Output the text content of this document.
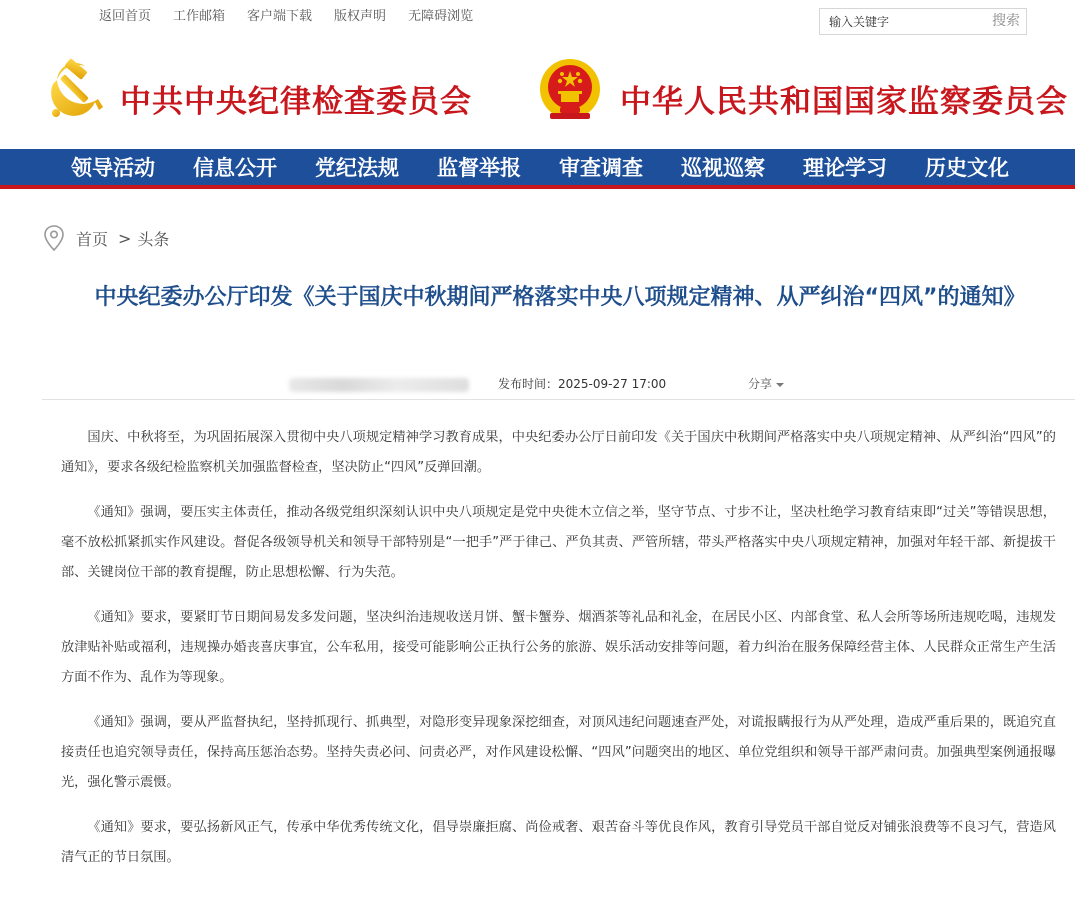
返回首页 工作邮箱 客户端下载 版权声明 无障碍浏览
输入关键字	搜索
中共中央纪律检查委员会	中华人民共和国国家监察委员会
领导活动 信息公开 党纪法规 监督举报 审查调查 巡视巡察 理论学习 历史文化
首页 > 头条
中央纪委办公厅印发《关于国庆中秋期间严格落实中央八项规定精神、从严纠治“四风”的通知》
发布时间：2025-09-27 17:00	分享

国庆、中秋将至，为巩固拓展深入贯彻中央八项规定精神学习教育成果，中央纪委办公厅日前印发《关于国庆中秋期间严格落实中央八项规定精神、从严纠治“四风”的通知》，要求各级纪检监察机关加强监督检查，坚决防止“四风”反弹回潮。

《通知》强调，要压实主体责任，推动各级党组织深刻认识中央八项规定是党中央徙木立信之举，坚守节点、寸步不让，坚决杜绝学习教育结束即“过关”等错误思想，毫不放松抓紧抓实作风建设。督促各级领导机关和领导干部特别是“一把手”严于律己、严负其责、严管所辖，带头严格落实中央八项规定精神，加强对年轻干部、新提拔干部、关键岗位干部的教育提醒，防止思想松懈、行为失范。

《通知》要求，要紧盯节日期间易发多发问题，坚决纠治违规收送月饼、蟹卡蟹券、烟酒茶等礼品和礼金，在居民小区、内部食堂、私人会所等场所违规吃喝，违规发放津贴补贴或福利，违规操办婚丧喜庆事宜，公车私用，接受可能影响公正执行公务的旅游、娱乐活动安排等问题，着力纠治在服务保障经营主体、人民群众正常生产生活方面不作为、乱作为等现象。

《通知》强调，要从严监督执纪，坚持抓现行、抓典型，对隐形变异现象深挖细查，对顶风违纪问题速查严处，对谎报瞒报行为从严处理，造成严重后果的，既追究直接责任也追究领导责任，保持高压惩治态势。坚持失责必问、问责必严，对作风建设松懈、“四风”问题突出的地区、单位党组织和领导干部严肃问责。加强典型案例通报曝光，强化警示震慑。

《通知》要求，要弘扬新风正气，传承中华优秀传统文化，倡导崇廉拒腐、尚俭戒奢、艰苦奋斗等优良作风，教育引导党员干部自觉反对铺张浪费等不良习气，营造风清气正的节日氛围。
